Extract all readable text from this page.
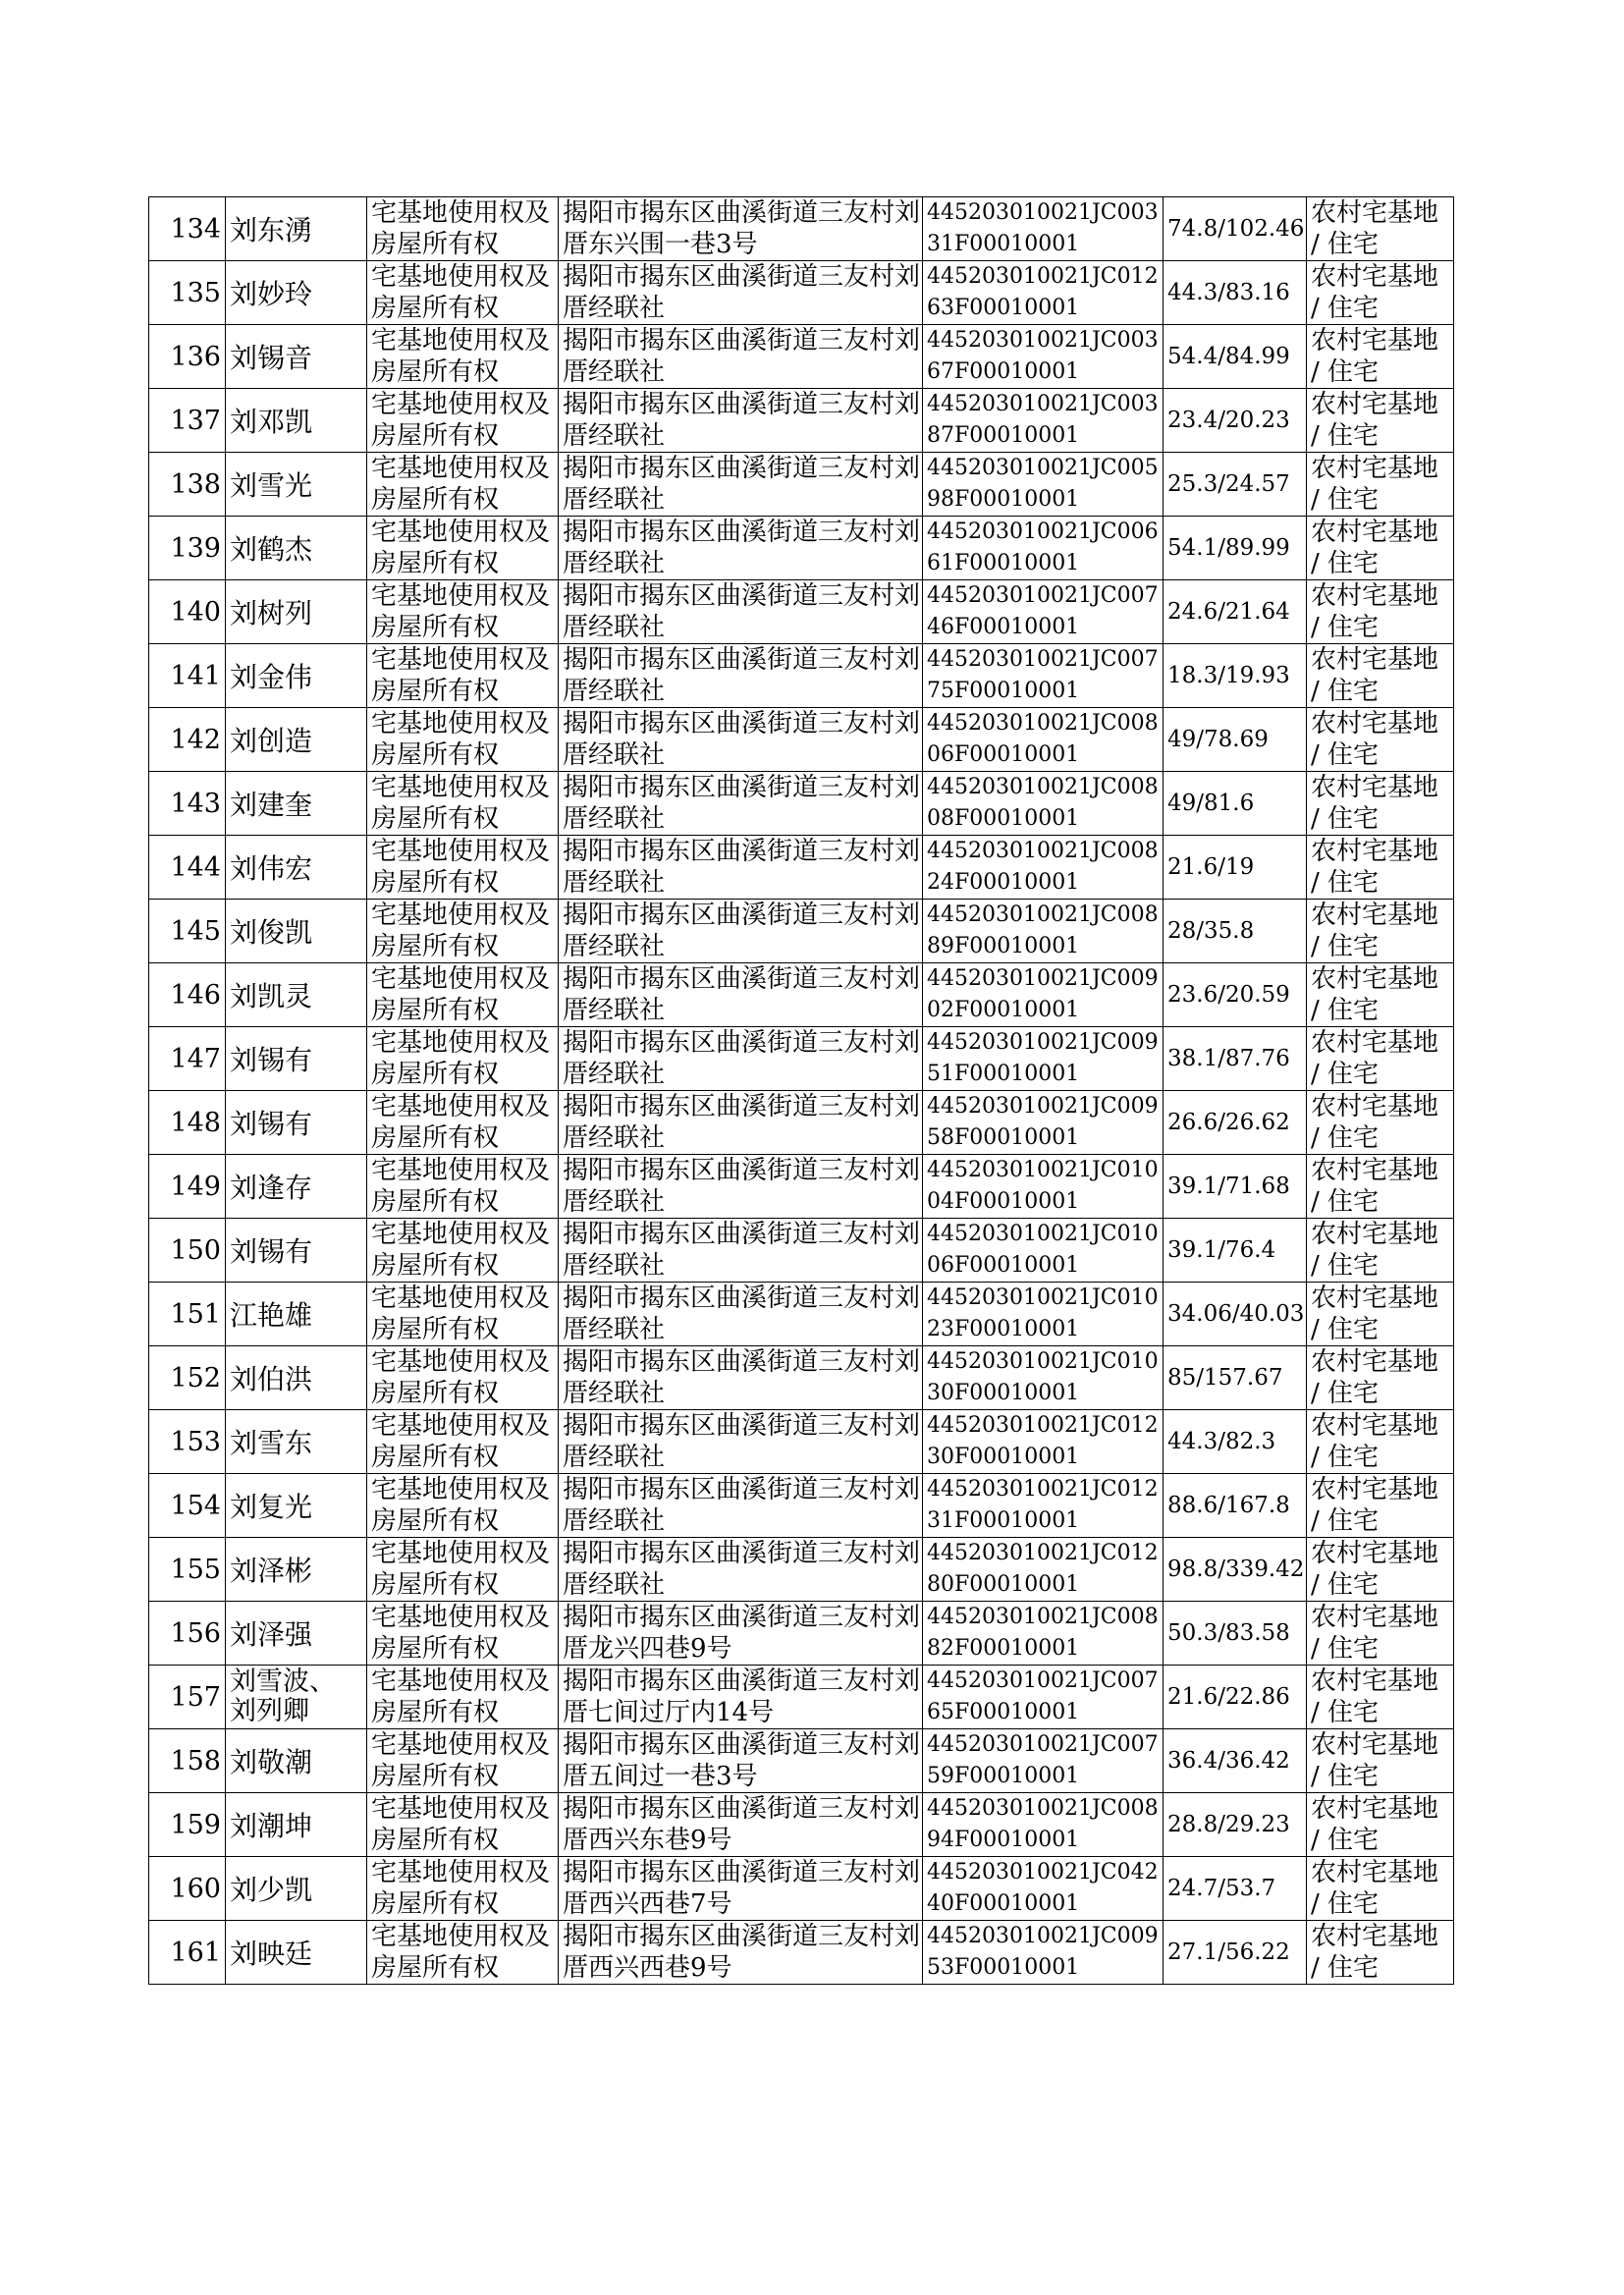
134	刘东湧	宅基地使用权及房屋所有权	揭阳市揭东区曲溪街道三友村刘厝东兴围一巷3号	445203010021JC00331F00010001	74.8/102.46	农村宅基地 / 住宅
135	刘妙玲	宅基地使用权及房屋所有权	揭阳市揭东区曲溪街道三友村刘厝经联社	445203010021JC01263F00010001	44.3/83.16	农村宅基地 / 住宅
136	刘锡音	宅基地使用权及房屋所有权	揭阳市揭东区曲溪街道三友村刘厝经联社	445203010021JC00367F00010001	54.4/84.99	农村宅基地 / 住宅
137	刘邓凯	宅基地使用权及房屋所有权	揭阳市揭东区曲溪街道三友村刘厝经联社	445203010021JC00387F00010001	23.4/20.23	农村宅基地 / 住宅
138	刘雪光	宅基地使用权及房屋所有权	揭阳市揭东区曲溪街道三友村刘厝经联社	445203010021JC00598F00010001	25.3/24.57	农村宅基地 / 住宅
139	刘鹤杰	宅基地使用权及房屋所有权	揭阳市揭东区曲溪街道三友村刘厝经联社	445203010021JC00661F00010001	54.1/89.99	农村宅基地 / 住宅
140	刘树列	宅基地使用权及房屋所有权	揭阳市揭东区曲溪街道三友村刘厝经联社	445203010021JC00746F00010001	24.6/21.64	农村宅基地 / 住宅
141	刘金伟	宅基地使用权及房屋所有权	揭阳市揭东区曲溪街道三友村刘厝经联社	445203010021JC00775F00010001	18.3/19.93	农村宅基地 / 住宅
142	刘创造	宅基地使用权及房屋所有权	揭阳市揭东区曲溪街道三友村刘厝经联社	445203010021JC00806F00010001	49/78.69	农村宅基地 / 住宅
143	刘建奎	宅基地使用权及房屋所有权	揭阳市揭东区曲溪街道三友村刘厝经联社	445203010021JC00808F00010001	49/81.6	农村宅基地 / 住宅
144	刘伟宏	宅基地使用权及房屋所有权	揭阳市揭东区曲溪街道三友村刘厝经联社	445203010021JC00824F00010001	21.6/19	农村宅基地 / 住宅
145	刘俊凯	宅基地使用权及房屋所有权	揭阳市揭东区曲溪街道三友村刘厝经联社	445203010021JC00889F00010001	28/35.8	农村宅基地 / 住宅
146	刘凯灵	宅基地使用权及房屋所有权	揭阳市揭东区曲溪街道三友村刘厝经联社	445203010021JC00902F00010001	23.6/20.59	农村宅基地 / 住宅
147	刘锡有	宅基地使用权及房屋所有权	揭阳市揭东区曲溪街道三友村刘厝经联社	445203010021JC00951F00010001	38.1/87.76	农村宅基地 / 住宅
148	刘锡有	宅基地使用权及房屋所有权	揭阳市揭东区曲溪街道三友村刘厝经联社	445203010021JC00958F00010001	26.6/26.62	农村宅基地 / 住宅
149	刘逢存	宅基地使用权及房屋所有权	揭阳市揭东区曲溪街道三友村刘厝经联社	445203010021JC01004F00010001	39.1/71.68	农村宅基地 / 住宅
150	刘锡有	宅基地使用权及房屋所有权	揭阳市揭东区曲溪街道三友村刘厝经联社	445203010021JC01006F00010001	39.1/76.4	农村宅基地 / 住宅
151	江艳雄	宅基地使用权及房屋所有权	揭阳市揭东区曲溪街道三友村刘厝经联社	445203010021JC01023F00010001	34.06/40.03	农村宅基地 / 住宅
152	刘伯洪	宅基地使用权及房屋所有权	揭阳市揭东区曲溪街道三友村刘厝经联社	445203010021JC01030F00010001	85/157.67	农村宅基地 / 住宅
153	刘雪东	宅基地使用权及房屋所有权	揭阳市揭东区曲溪街道三友村刘厝经联社	445203010021JC01230F00010001	44.3/82.3	农村宅基地 / 住宅
154	刘复光	宅基地使用权及房屋所有权	揭阳市揭东区曲溪街道三友村刘厝经联社	445203010021JC01231F00010001	88.6/167.8	农村宅基地 / 住宅
155	刘泽彬	宅基地使用权及房屋所有权	揭阳市揭东区曲溪街道三友村刘厝经联社	445203010021JC01280F00010001	98.8/339.42	农村宅基地 / 住宅
156	刘泽强	宅基地使用权及房屋所有权	揭阳市揭东区曲溪街道三友村刘厝龙兴四巷9号	445203010021JC00882F00010001	50.3/83.58	农村宅基地 / 住宅
157	刘雪波、刘列卿	宅基地使用权及房屋所有权	揭阳市揭东区曲溪街道三友村刘厝七间过厅内14号	445203010021JC00765F00010001	21.6/22.86	农村宅基地 / 住宅
158	刘敬潮	宅基地使用权及房屋所有权	揭阳市揭东区曲溪街道三友村刘厝五间过一巷3号	445203010021JC00759F00010001	36.4/36.42	农村宅基地 / 住宅
159	刘潮坤	宅基地使用权及房屋所有权	揭阳市揭东区曲溪街道三友村刘厝西兴东巷9号	445203010021JC00894F00010001	28.8/29.23	农村宅基地 / 住宅
160	刘少凯	宅基地使用权及房屋所有权	揭阳市揭东区曲溪街道三友村刘厝西兴西巷7号	445203010021JC04240F00010001	24.7/53.7	农村宅基地 / 住宅
161	刘映廷	宅基地使用权及房屋所有权	揭阳市揭东区曲溪街道三友村刘厝西兴西巷9号	445203010021JC00953F00010001	27.1/56.22	农村宅基地 / 住宅
